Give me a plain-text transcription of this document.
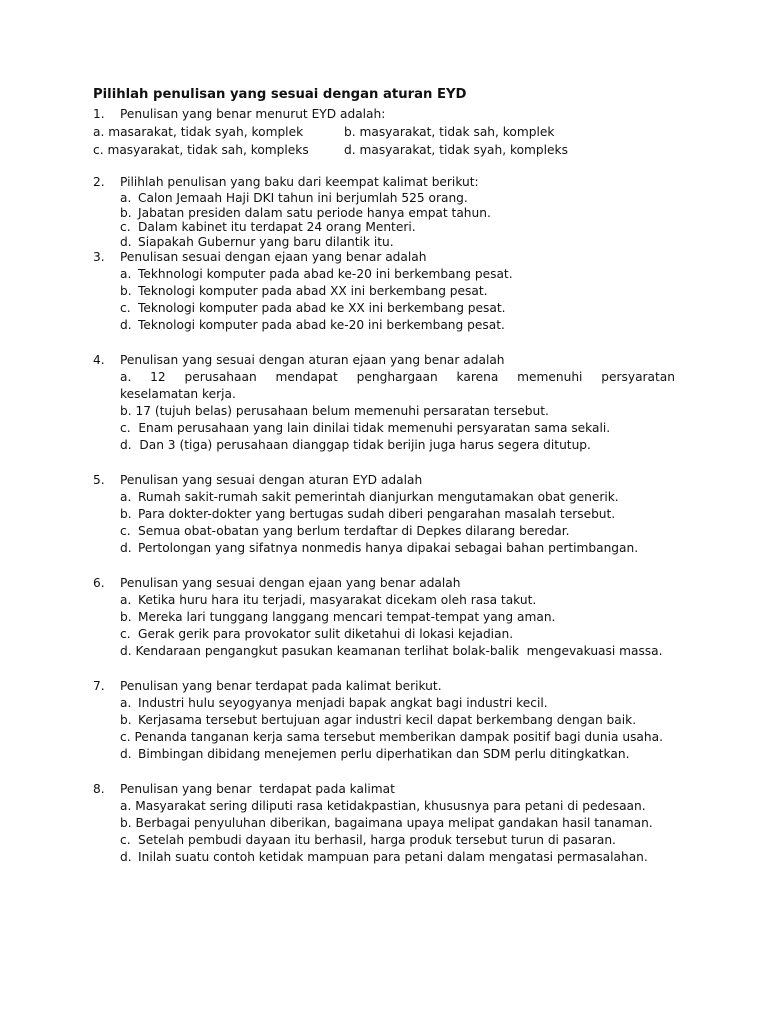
Pilihlah penulisan yang sesuai dengan aturan EYD
1.	Penulisan yang benar menurut EYD adalah:
a. masarakat, tidak syah, komplek	b. masyarakat, tidak sah, komplek
c. masyarakat, tidak sah, kompleks	d. masyarakat, tidak syah, kompleks
2.	Pilihlah penulisan yang baku dari keempat kalimat berikut:
a. Calon Jemaah Haji DKI tahun ini berjumlah 525 orang.
b. Jabatan presiden dalam satu periode hanya empat tahun.
c. Dalam kabinet itu terdapat 24 orang Menteri.
d. Siapakah Gubernur yang baru dilantik itu.
3.	Penulisan sesuai dengan ejaan yang benar adalah
a. Tekhnologi komputer pada abad ke-20 ini berkembang pesat.
b. Teknologi komputer pada abad XX ini berkembang pesat.
c. Teknologi komputer pada abad ke XX ini berkembang pesat.
d. Teknologi komputer pada abad ke-20 ini berkembang pesat.
4.	Penulisan yang sesuai dengan aturan ejaan yang benar adalah
a.  12  perusahaan  mendapat  penghargaan  karena  memenuhi  persyaratan keselamatan kerja.
b. 17 (tujuh belas) perusahaan belum memenuhi persaratan tersebut.
c.  Enam perusahaan yang lain dinilai tidak memenuhi persyaratan sama sekali.
d.  Dan 3 (tiga) perusahaan dianggap tidak berijin juga harus segera ditutup.
5.	Penulisan yang sesuai dengan aturan EYD adalah
a. Rumah sakit-rumah sakit pemerintah dianjurkan mengutamakan obat generik.
b. Para dokter-dokter yang bertugas sudah diberi pengarahan masalah tersebut.
c. Semua obat-obatan yang berlum terdaftar di Depkes dilarang beredar.
d. Pertolongan yang sifatnya nonmedis hanya dipakai sebagai bahan pertimbangan.
6.	Penulisan yang sesuai dengan ejaan yang benar adalah
a. Ketika huru hara itu terjadi, masyarakat dicekam oleh rasa takut.
b. Mereka lari tunggang langgang mencari tempat-tempat yang aman.
c. Gerak gerik para provokator sulit diketahui di lokasi kejadian.
d. Kendaraan pengangkut pasukan keamanan terlihat bolak-balik  mengevakuasi massa.
7.	Penulisan yang benar terdapat pada kalimat berikut.
a. Industri hulu seyogyanya menjadi bapak angkat bagi industri kecil.
b. Kerjasama tersebut bertujuan agar industri kecil dapat berkembang dengan baik.
c. Penanda tanganan kerja sama tersebut memberikan dampak positif bagi dunia usaha.
d. Bimbingan dibidang menejemen perlu diperhatikan dan SDM perlu ditingkatkan.
8.	Penulisan yang benar  terdapat pada kalimat
a. Masyarakat sering diliputi rasa ketidakpastian, khususnya para petani di pedesaan.
b. Berbagai penyuluhan diberikan, bagaimana upaya melipat gandakan hasil tanaman.
c. Setelah pembudi dayaan itu berhasil, harga produk tersebut turun di pasaran.
d. Inilah suatu contoh ketidak mampuan para petani dalam mengatasi permasalahan.
